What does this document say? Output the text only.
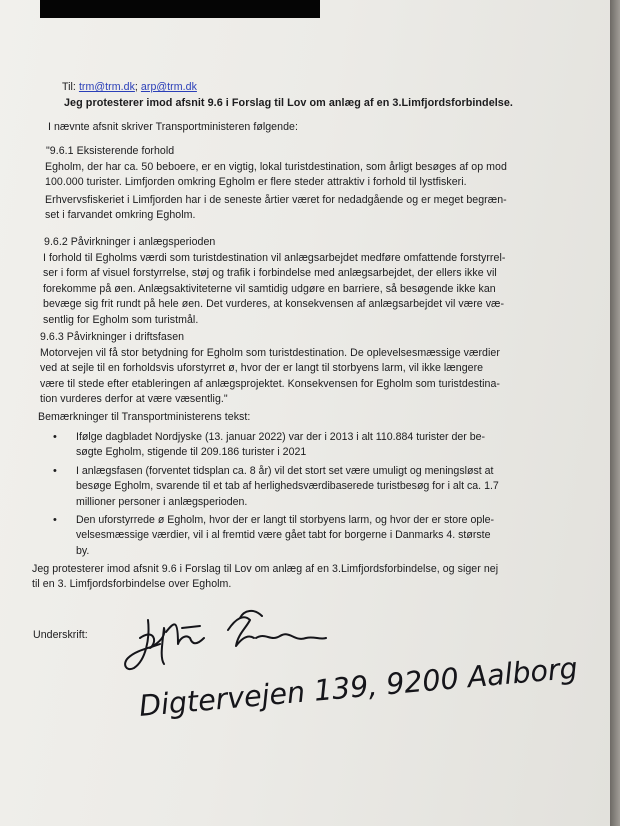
Til: trm@trm.dk; arp@trm.dk
Jeg protesterer imod afsnit 9.6 i Forslag til Lov om anlæg af en 3.Limfjordsforbindelse.
I nævnte afsnit skriver Transportministeren følgende:
"9.6.1 Eksisterende forhold
Egholm, der har ca. 50 beboere, er en vigtig, lokal turistdestination, som årligt besøges af op mod
100.000 turister. Limfjorden omkring Egholm er flere steder attraktiv i forhold til lystfiskeri.
Erhvervsfiskeriet i Limfjorden har i de seneste årtier været for nedadgående og er meget begræn-
set i farvandet omkring Egholm.
9.6.2 Påvirkninger i anlægsperioden
I forhold til Egholms værdi som turistdestination vil anlægsarbejdet medføre omfattende forstyrrel-
ser i form af visuel forstyrrelse, støj og trafik i forbindelse med anlægsarbejdet, der ellers ikke vil
forekomme på øen. Anlægsaktiviteterne vil samtidig udgøre en barriere, så besøgende ikke kan
bevæge sig frit rundt på hele øen. Det vurderes, at konsekvensen af anlægsarbejdet vil være væ-
sentlig for Egholm som turistmål.
9.6.3 Påvirkninger i driftsfasen
Motorvejen vil få stor betydning for Egholm som turistdestination. De oplevelsesmæssige værdier
ved at sejle til en forholdsvis uforstyrret ø, hvor der er langt til storbyens larm, vil ikke længere
være til stede efter etableringen af anlægsprojektet. Konsekvensen for Egholm som turistdestina-
tion vurderes derfor at være væsentlig."
Bemærkninger til Transportministerens tekst:
• Ifølge dagbladet Nordjyske (13. januar 2022) var der i 2013 i alt 110.884 turister der be-
søgte Egholm, stigende til 209.186 turister i 2021
• I anlægsfasen (forventet tidsplan ca. 8 år) vil det stort set være umuligt og meningsløst at
besøge Egholm, svarende til et tab af herlighedsværdibaserede turistbesøg for i alt ca. 1.7
millioner personer i anlægsperioden.
• Den uforstyrrede ø Egholm, hvor der er langt til storbyens larm, og hvor der er store ople-
velsesmæssige værdier, vil i al fremtid være gået tabt for borgerne i Danmarks 4. største
by.
Jeg protesterer imod afsnit 9.6 i Forslag til Lov om anlæg af en 3.Limfjordsforbindelse, og siger nej
til en 3. Limfjordsforbindelse over Egholm.
Underskrift:
Digtervejen 139, 9200 Aalborg
